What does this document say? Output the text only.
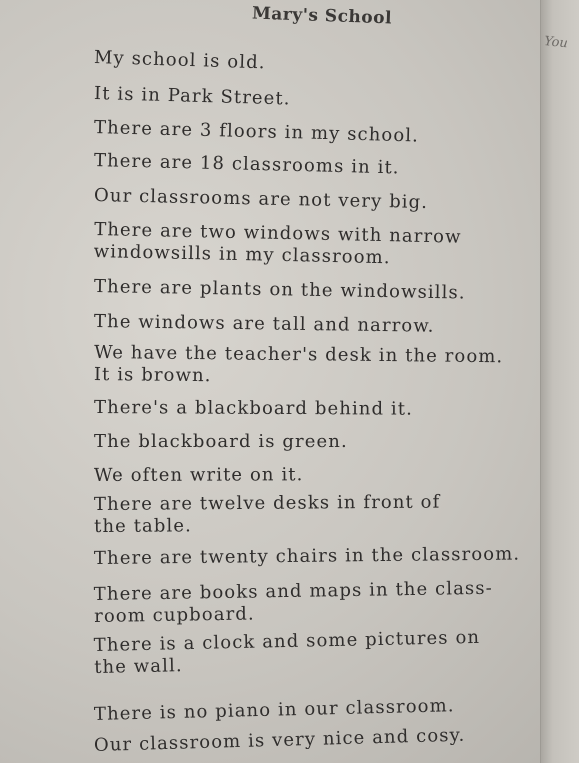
You
Mary's School
My school is old.
It is in Park Street.
There are 3 floors in my school.
There are 18 classrooms in it.
Our classrooms are not very big.
There are two windows with narrow
windowsills in my classroom.
There are plants on the windowsills.
The windows are tall and narrow.
We have the teacher's desk in the room.
It is brown.
There's a blackboard behind it.
The blackboard is green.
We often write on it.
There are twelve desks in front of
the table.
There are twenty chairs in the classroom.
There are books and maps in the class-
room cupboard.
There is a clock and some pictures on
the wall.
There is no piano in our classroom.
Our classroom is very nice and cosy.
